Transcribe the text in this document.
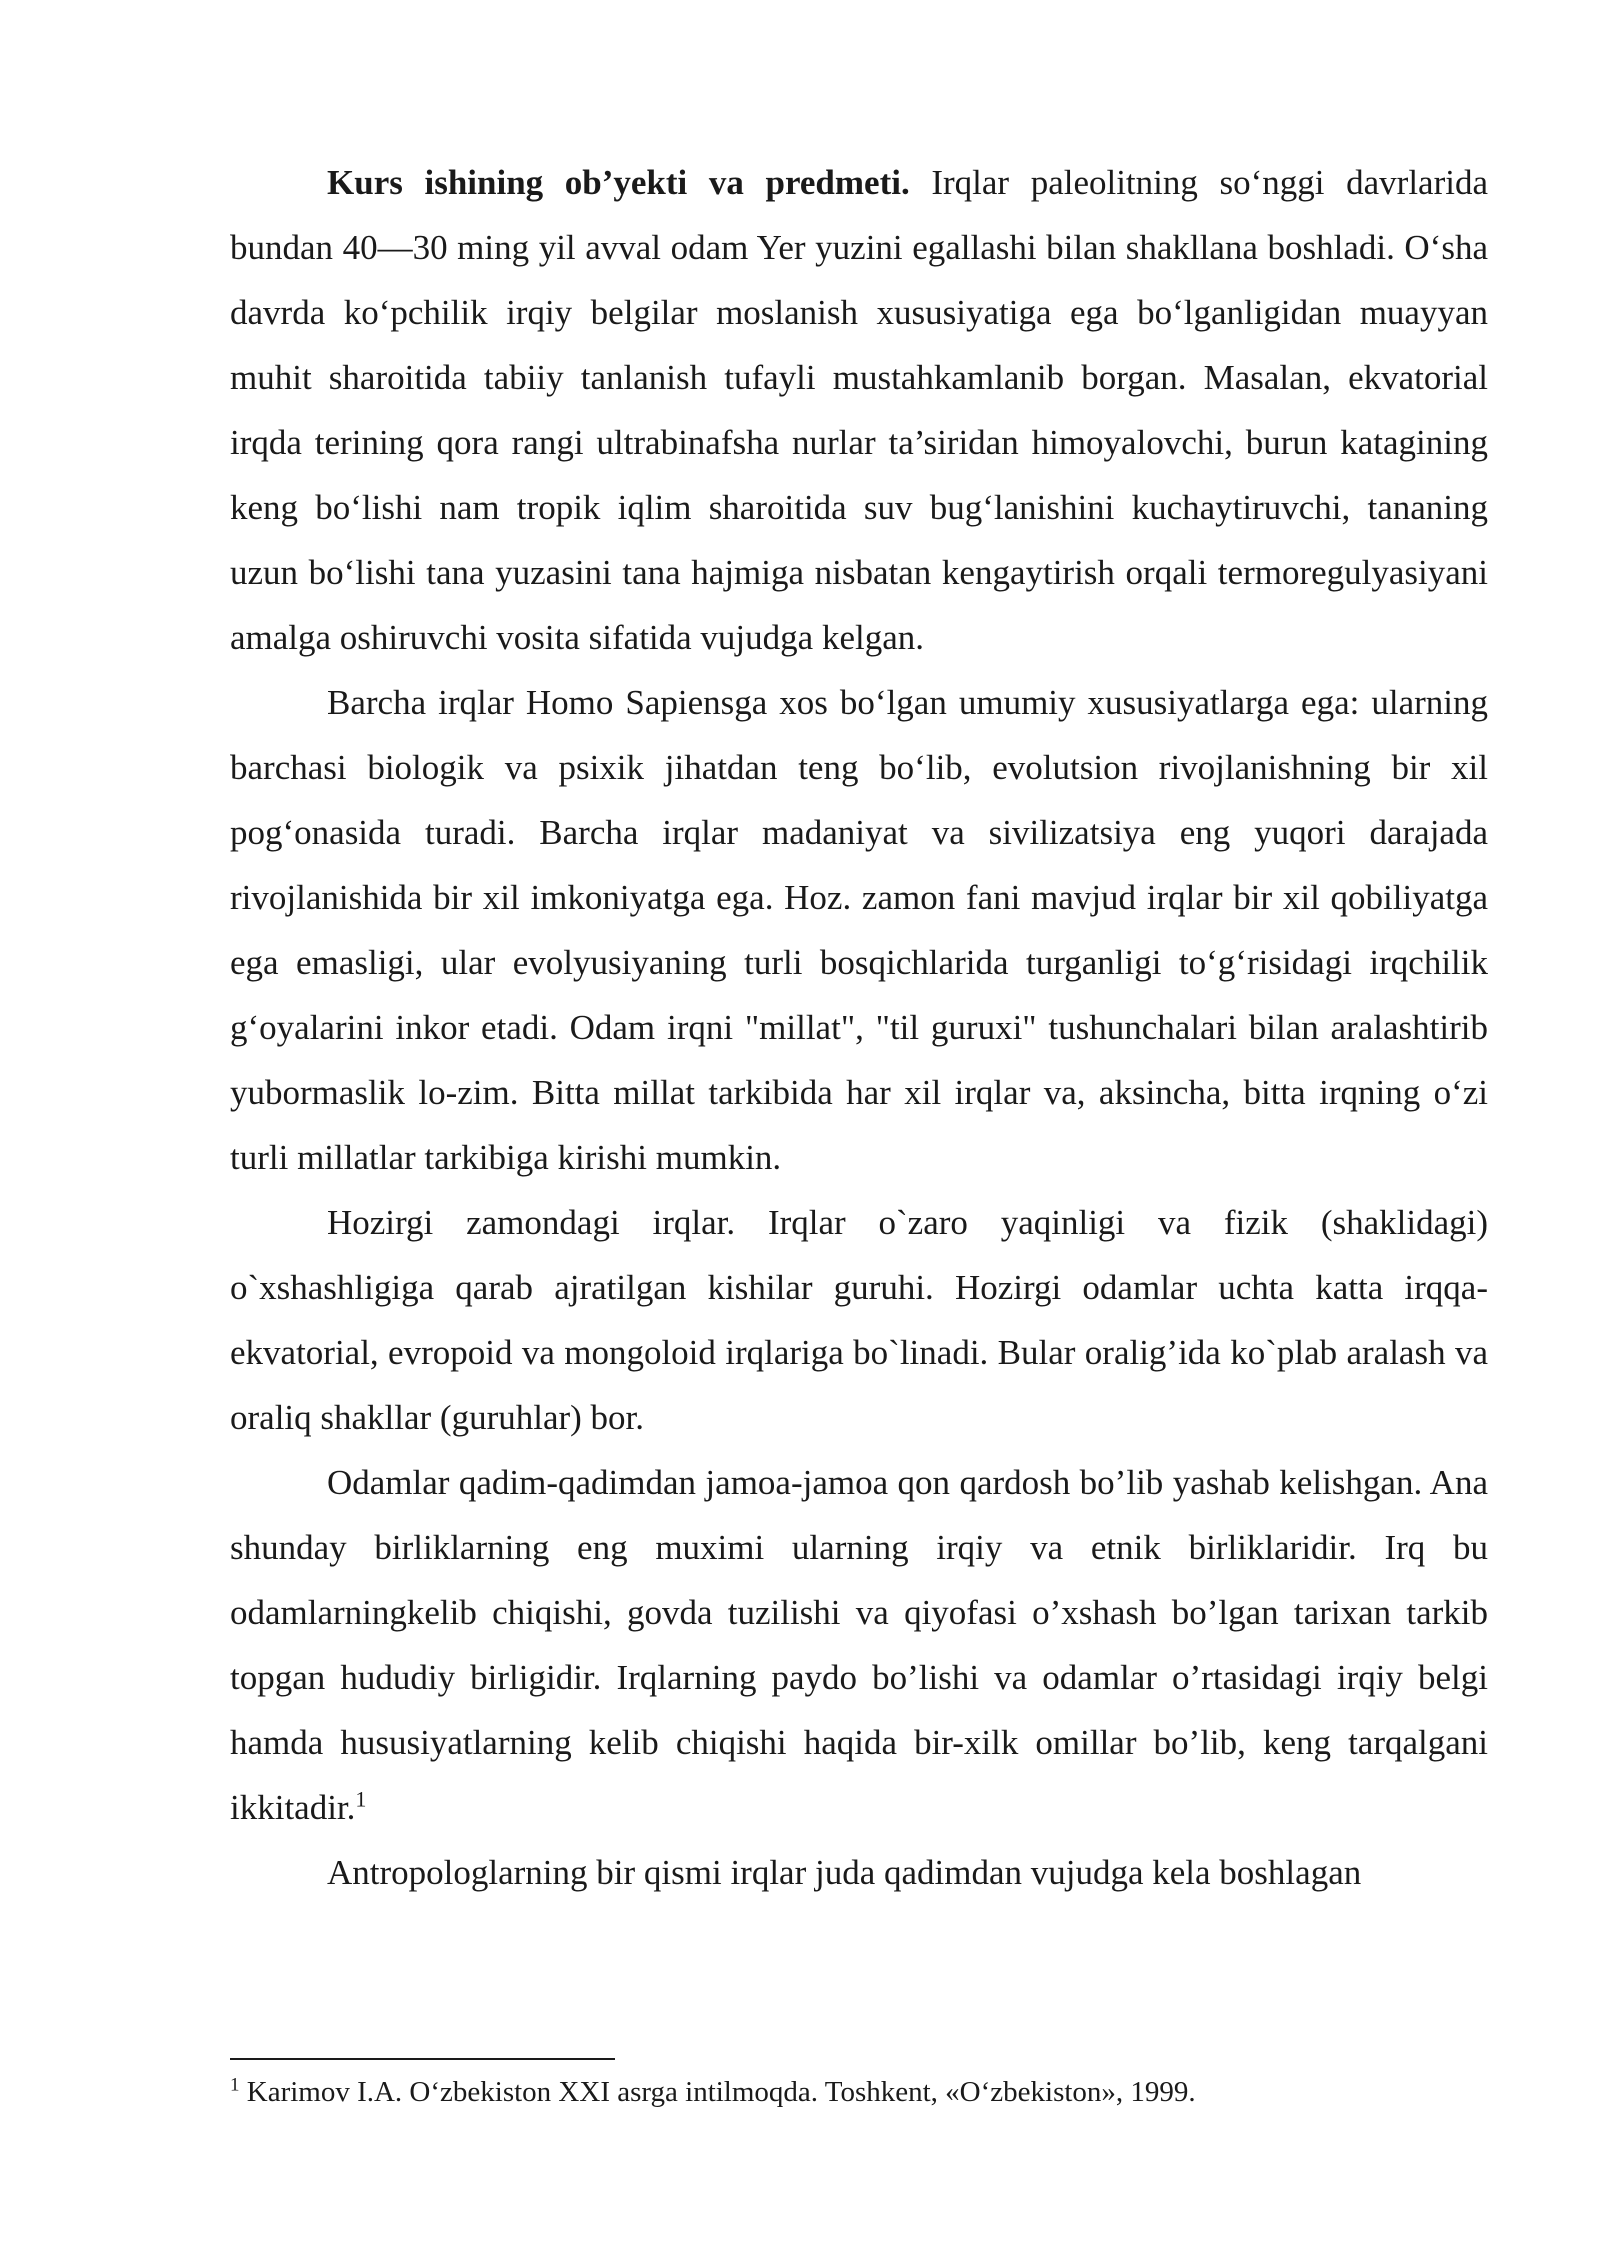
Kurs ishining ob’yekti va predmeti. Irqlar paleolitning so‘nggi davrlarida bundan 40—30 ming yil avval odam Yer yuzini egallashi bilan shakllana boshladi. O‘sha davrda ko‘pchilik irqiy belgilar moslanish xususiyatiga ega bo‘lganligidan muayyan muhit sharoitida tabiiy tanlanish tufayli mustahkamlanib borgan. Masalan, ekvatorial irqda terining qora rangi ultrabinafsha nurlar ta’siridan himoyalovchi, burun katagining keng bo‘lishi nam tropik iqlim sharoitida suv bug‘lanishini kuchaytiruvchi, tananing uzun bo‘lishi tana yuzasini tana hajmiga nisbatan kengaytirish orqali termoregulyasiyani amalga oshiruvchi vosita sifatida vujudga kelgan.

Barcha irqlar Homo Sapiensga xos bo‘lgan umumiy xususiyatlarga ega: ularning barchasi biologik va psixik jihatdan teng bo‘lib, evolutsion rivojlanishning bir xil pog‘onasida turadi. Barcha irqlar madaniyat va sivilizatsiya eng yuqori darajada rivojlanishida bir xil imkoniyatga ega. Hoz. zamon fani mavjud irqlar bir xil qobiliyatga ega emasligi, ular evolyusiyaning turli bosqichlarida turganligi to‘g‘risidagi irqchilik g‘oyalarini inkor etadi. Odam irqni "millat", "til guruxi" tushunchalari bilan aralashtirib yubormaslik lo-zim. Bitta millat tarkibida har xil irqlar va, aksincha, bitta irqning o‘zi turli millatlar tarkibiga kirishi mumkin.

Hozirgi zamondagi irqlar. Irqlar o`zaro yaqinligi va fizik (shaklidagi) o`xshashligiga qarab ajratilgan kishilar guruhi. Hozirgi odamlar uchta katta irqqa-ekvatorial, evropoid va mongoloid irqlariga bo`linadi. Bular oralig’ida ko`plab aralash va oraliq shakllar (guruhlar) bor.

Odamlar qadim-qadimdan jamoa-jamoa qon qardosh bo’lib yashab kelishgan. Ana shunday birliklarning eng muximi ularning irqiy va etnik birliklaridir. Irq bu odamlarningkelib chiqishi, govda tuzilishi va qiyofasi o’xshash bo’lgan tarixan tarkib topgan hududiy birligidir. Irqlarning paydo bo’lishi va odamlar o’rtasidagi irqiy belgi hamda hususiyatlarning kelib chiqishi haqida bir-xilk omillar bo’lib, keng tarqalgani ikkitadir.$^1$

Antropologlarning bir qismi irqlar juda qadimdan vujudga kela boshlagan

$^1$ Karimov I.A. O‘zbekiston XXI asrga intilmoqda. Toshkent, «O‘zbekiston», 1999.
